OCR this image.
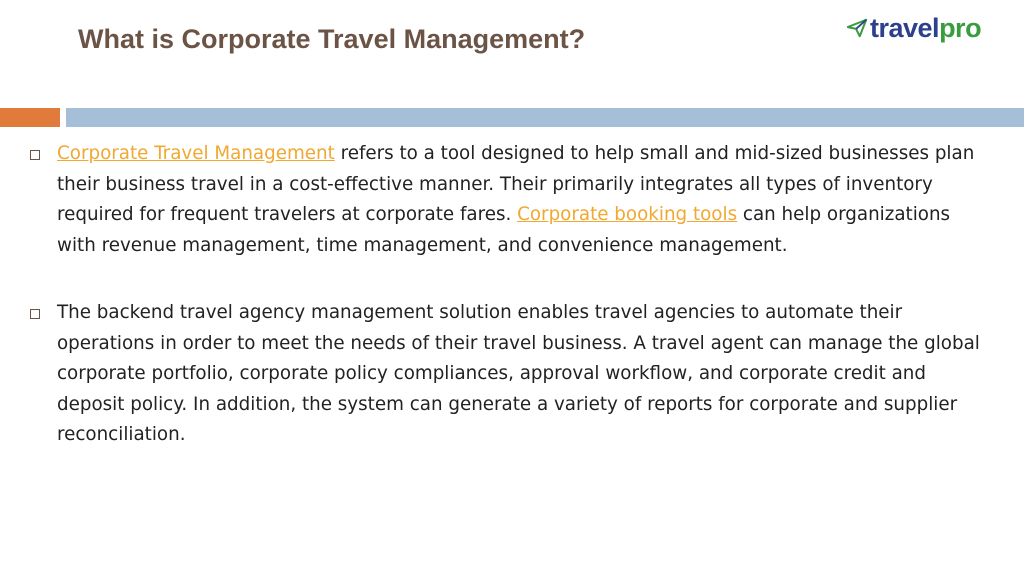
What is Corporate Travel Management?	travelpro
Corporate Travel Management refers to a tool designed to help small and mid-sized businesses plan their business travel in a cost-effective manner. Their primarily integrates all types of inventory required for frequent travelers at corporate fares. Corporate booking tools can help organizations with revenue management, time management, and convenience management.
The backend travel agency management solution enables travel agencies to automate their operations in order to meet the needs of their travel business. A travel agent can manage the global corporate portfolio, corporate policy compliances, approval workflow, and corporate credit and deposit policy. In addition, the system can generate a variety of reports for corporate and supplier reconciliation.
